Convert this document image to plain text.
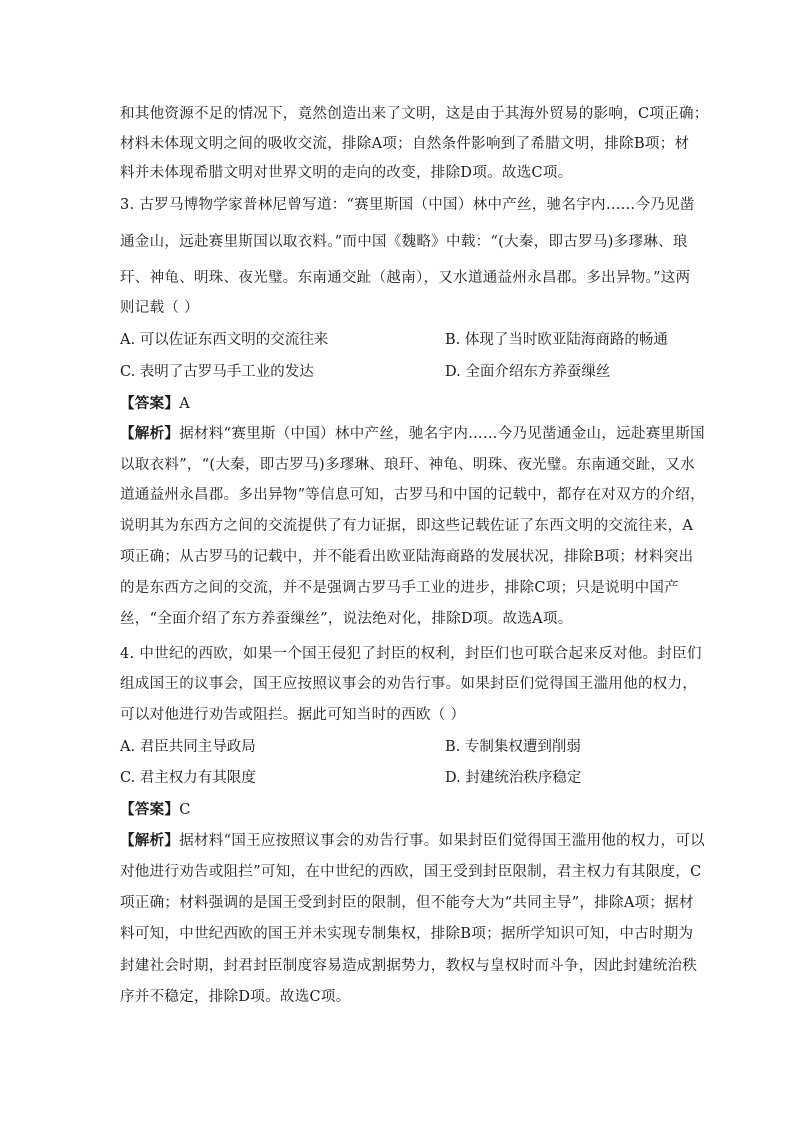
和其他资源不足的情况下，竟然创造出来了文明，这是由于其海外贸易的影响，C项正确；
材料未体现文明之间的吸收交流，排除A项；自然条件影响到了希腊文明，排除B项；材
料并未体现希腊文明对世界文明的走向的改变，排除D项。故选C项。
3. 古罗马博物学家普林尼曾写道：“赛里斯国（中国）林中产丝，驰名宇内……今乃见凿
通金山，远赴赛里斯国以取衣料。”而中国《魏略》中载：“(大秦，即古罗马)多璆琳、琅
玕、神龟、明珠、夜光璧。东南通交趾（越南），又水道通益州永昌郡。多出异物。”这两
则记载（ ）
A. 可以佐证东西文明的交流往来	B. 体现了当时欧亚陆海商路的畅通
C. 表明了古罗马手工业的发达	D. 全面介绍东方养蚕缫丝
【答案】A
【解析】据材料“赛里斯（中国）林中产丝，驰名宇内……今乃见凿通金山，远赴赛里斯国
以取衣料”，“(大秦，即古罗马)多璆琳、琅玕、神龟、明珠、夜光璧。东南通交趾，又水
道通益州永昌郡。多出异物”等信息可知，古罗马和中国的记载中，都存在对双方的介绍，
说明其为东西方之间的交流提供了有力证据，即这些记载佐证了东西文明的交流往来，A
项正确；从古罗马的记载中，并不能看出欧亚陆海商路的发展状况，排除B项；材料突出
的是东西方之间的交流，并不是强调古罗马手工业的进步，排除C项；只是说明中国产
丝，“全面介绍了东方养蚕缫丝”，说法绝对化，排除D项。故选A项。
4. 中世纪的西欧，如果一个国王侵犯了封臣的权利，封臣们也可联合起来反对他。封臣们
组成国王的议事会，国王应按照议事会的劝告行事。如果封臣们觉得国王滥用他的权力，
可以对他进行劝告或阻拦。据此可知当时的西欧（ ）
A. 君臣共同主导政局	B. 专制集权遭到削弱
C. 君主权力有其限度	D. 封建统治秩序稳定
【答案】C
【解析】据材料“国王应按照议事会的劝告行事。如果封臣们觉得国王滥用他的权力，可以
对他进行劝告或阻拦”可知，在中世纪的西欧，国王受到封臣限制，君主权力有其限度，C
项正确；材料强调的是国王受到封臣的限制，但不能夸大为“共同主导”，排除A项；据材
料可知，中世纪西欧的国王并未实现专制集权，排除B项；据所学知识可知，中古时期为
封建社会时期，封君封臣制度容易造成割据势力，教权与皇权时而斗争，因此封建统治秩
序并不稳定，排除D项。故选C项。
